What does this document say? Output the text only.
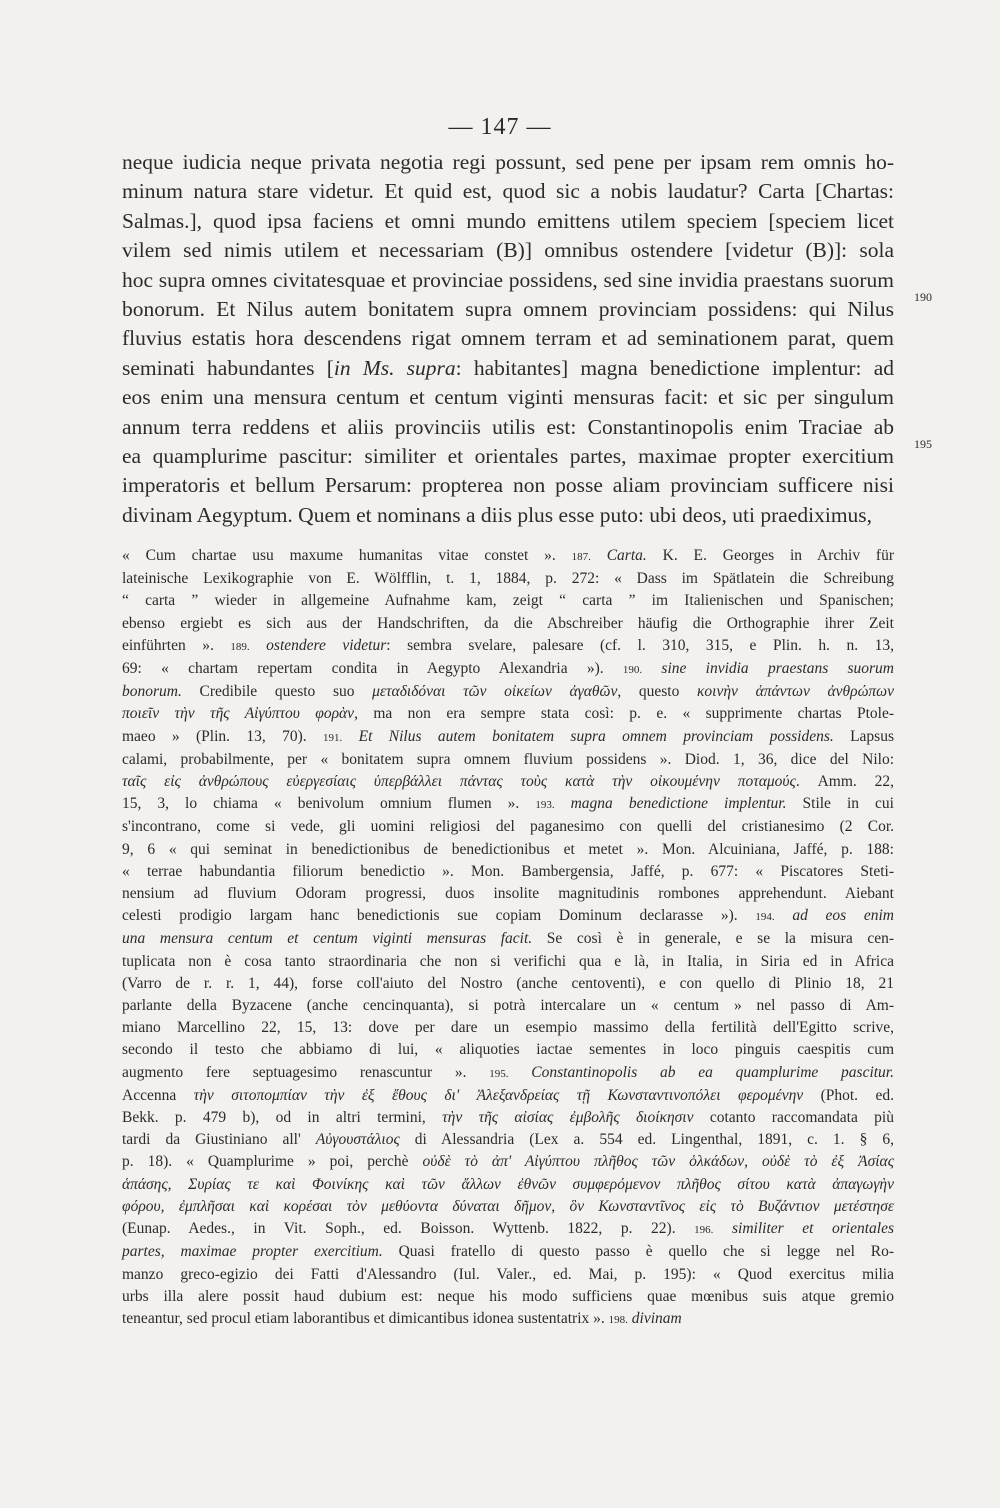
— 147 —
neque iudicia neque privata negotia regi possunt, sed pene per ipsam rem omnis ho-
minum natura stare videtur. Et quid est, quod sic a nobis laudatur? Carta [Chartas:
Salmas.], quod ipsa faciens et omni mundo emittens utilem speciem [speciem licet
vilem sed nimis utilem et necessariam (B)] omnibus ostendere [videtur (B)]: sola
hoc supra omnes civitatesquae et provinciae possidens, sed sine invidia praestans suorum
bonorum. Et Nilus autem bonitatem supra omnem provinciam possidens: qui Nilus
fluvius estatis hora descendens rigat omnem terram et ad seminationem parat, quem
seminati habundantes [in Ms. supra: habitantes] magna benedictione implentur: ad
eos enim una mensura centum et centum viginti mensuras facit: et sic per singulum
annum terra reddens et aliis provinciis utilis est: Constantinopolis enim Traciae ab
ea quamplurime pascitur: similiter et orientales partes, maximae propter exercitium
imperatoris et bellum Persarum: propterea non posse aliam provinciam sufficere nisi
divinam Aegyptum. Quem et nominans a diis plus esse puto: ubi deos, uti praediximus,
190
195
« Cum chartae usu maxume humanitas vitae constet ». 187. Carta. K. E. Georges in Archiv für
lateinische Lexikographie von E. Wölfflin, t. 1, 1884, p. 272: « Dass im Spätlatein die Schreibung
“ carta ” wieder in allgemeine Aufnahme kam, zeigt “ carta ” im Italienischen und Spanischen;
ebenso ergiebt es sich aus der Handschriften, da die Abschreiber häufig die Orthographie ihrer Zeit
einführten ». 189. ostendere videtur: sembra svelare, palesare (cf. l. 310, 315, e Plin. h. n. 13,
69: « chartam repertam condita in Aegypto Alexandria »). 190. sine invidia praestans suorum
bonorum. Credibile questo suo μεταδιδόναι τῶν οἰκείων ἀγαθῶν, questo κοινὴν ἁπάντων ἀνθρώπων
ποιεῖν τὴν τῆς Αἰγύπτου φορὰν, ma non era sempre stata così: p. e. « supprimente chartas Ptole-
maeo » (Plin. 13, 70). 191. Et Nilus autem bonitatem supra omnem provinciam possidens. Lapsus
calami, probabilmente, per « bonitatem supra omnem fluvium possidens ». Diod. 1, 36, dice del Nilo:
ταῖς εἰς ἀνθρώπους εὐεργεσίαις ὑπερβάλλει πάντας τοὺς κατὰ τὴν οἰκουμένην ποταμούς. Amm. 22,
15, 3, lo chiama « benivolum omnium flumen ». 193. magna benedictione implentur. Stile in cui
s'incontrano, come si vede, gli uomini religiosi del paganesimo con quelli del cristianesimo (2 Cor.
9, 6 « qui seminat in benedictionibus de benedictionibus et metet ». Mon. Alcuiniana, Jaffé, p. 188:
« terrae habundantia filiorum benedictio ». Mon. Bambergensia, Jaffé, p. 677: « Piscatores Steti-
nensium ad fluvium Odoram progressi, duos insolite magnitudinis rombones apprehendunt. Aiebant
celesti prodigio largam hanc benedictionis sue copiam Dominum declarasse »). 194. ad eos enim
una mensura centum et centum viginti mensuras facit. Se così è in generale, e se la misura cen-
tuplicata non è cosa tanto straordinaria che non si verifichi qua e là, in Italia, in Siria ed in Africa
(Varro de r. r. 1, 44), forse coll'aiuto del Nostro (anche centoventi), e con quello di Plinio 18, 21
parlante della Byzacene (anche cencinquanta), si potrà intercalare un « centum » nel passo di Am-
miano Marcellino 22, 15, 13: dove per dare un esempio massimo della fertilità dell'Egitto scrive,
secondo il testo che abbiamo di lui, « aliquoties iactae sementes in loco pinguis caespitis cum
augmento fere septuagesimo renascuntur ». 195. Constantinopolis ab ea quamplurime pascitur.
Accenna τὴν σιτοπομπίαν τὴν ἐξ ἔθους δι' Ἀλεξανδρείας τῇ Κωνσταντινοπόλει φερομένην (Phot. ed.
Bekk. p. 479 b), od in altri termini, τὴν τῆς αἰσίας ἐμβολῆς διοίκησιν cotanto raccomandata più
tardi da Giustiniano all' Αὐγουστάλιος di Alessandria (Lex a. 554 ed. Lingenthal, 1891, c. 1. § 6,
p. 18). « Quamplurime » poi, perchè οὐδὲ τὸ ἀπ' Αἰγύπτου πλῆθος τῶν ὁλκάδων, οὐδὲ τὸ ἐξ Ἀσίας
ἁπάσης, Συρίας τε καὶ Φοινίκης καὶ τῶν ἄλλων ἐθνῶν συμφερόμενον πλῆθος σίτου κατὰ ἀπαγωγὴν
φόρου, ἐμπλῆσαι καὶ κορέσαι τὸν μεθύοντα δύναται δῆμον, ὃν Κωνσταντῖνος εἰς τὸ Βυζάντιον μετέστησε
(Eunap. Aedes., in Vit. Soph., ed. Boisson. Wyttenb. 1822, p. 22). 196. similiter et orientales
partes, maximae propter exercitium. Quasi fratello di questo passo è quello che si legge nel Ro-
manzo greco-egizio dei Fatti d'Alessandro (Iul. Valer., ed. Mai, p. 195): « Quod exercitus milia
urbs illa alere possit haud dubium est: neque his modo sufficiens quae mœnibus suis atque gremio
teneantur, sed procul etiam laborantibus et dimicantibus idonea sustentatrix ». 198. divinam
